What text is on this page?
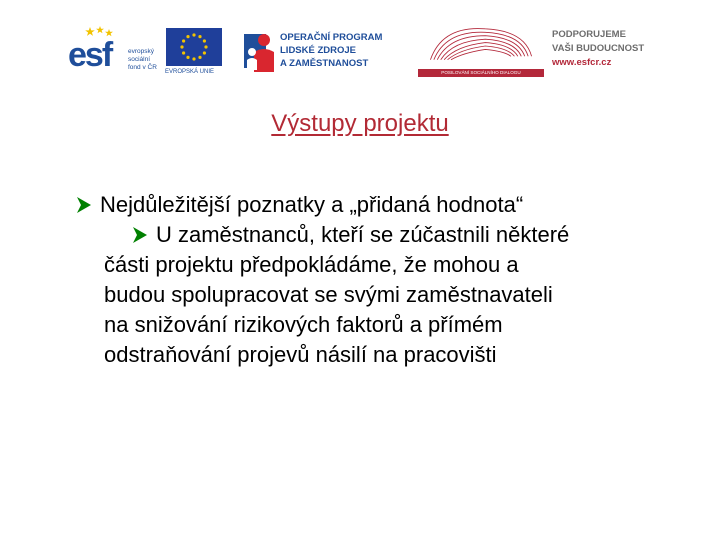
esf	evropský
sociální
fond v ČR
EVROPSKÁ UNIE
OPERAČNÍ PROGRAM
LIDSKÉ ZDROJE
A ZAMĚSTNANOST
POSILOVÁNÍ SOCIÁLNÍHO DIALOGU
PODPORUJEME
VAŠI BUDOUCNOST
www.esfcr.cz
Výstupy projektu
Nejdůležitější poznatky a „přidaná hodnota“
U zaměstnanců, kteří se zúčastnili některé
části projektu předpokládáme, že mohou a
budou spolupracovat se svými zaměstnavateli
na snižování rizikových faktorů a přímém
odstraňování projevů násilí na pracovišti
